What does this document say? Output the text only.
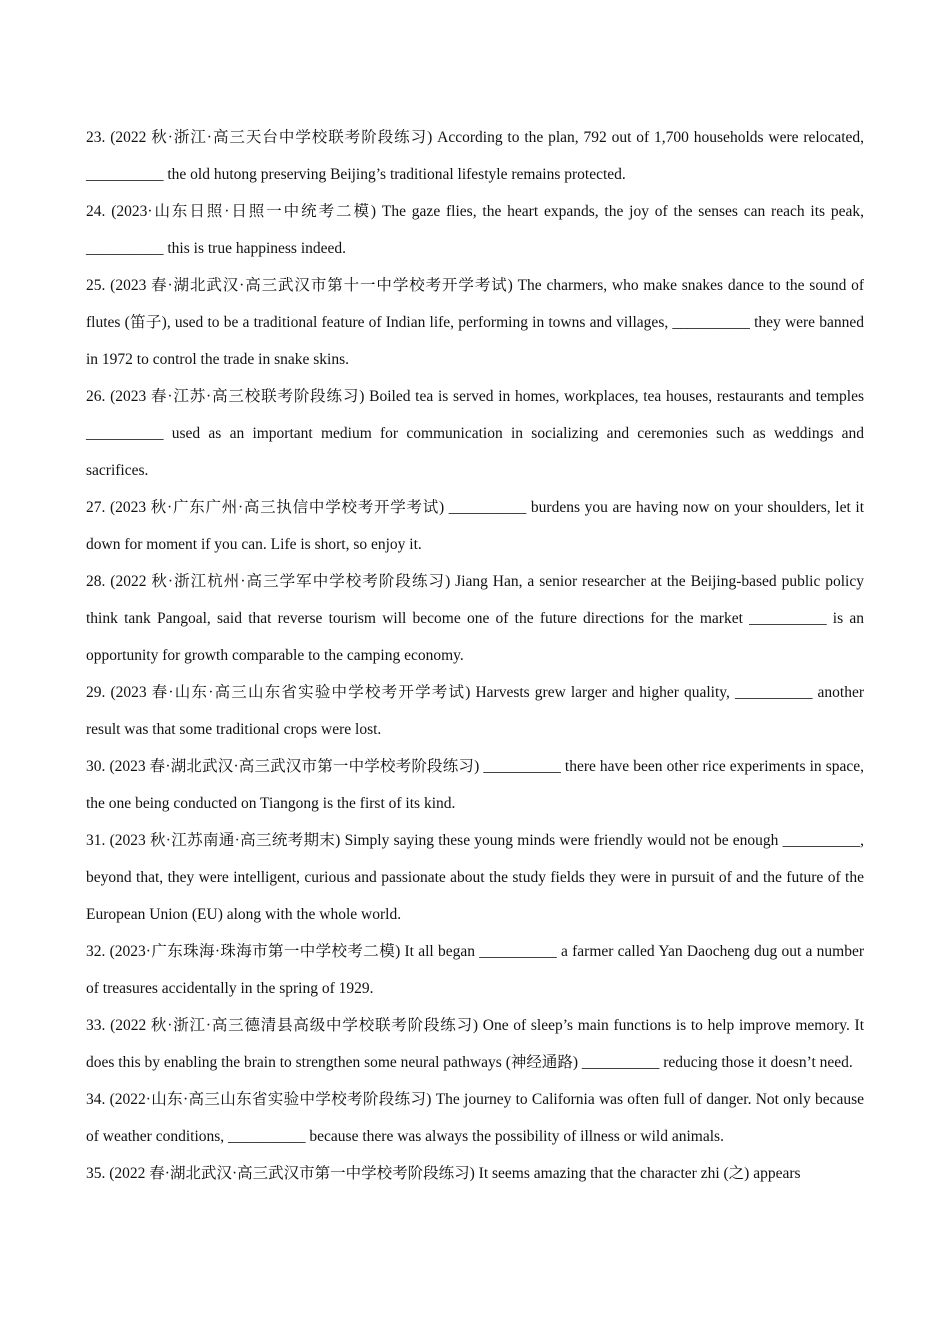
23. (2022 秋·浙江·高三天台中学校联考阶段练习) According to the plan, 792 out of 1,700 households were relocated, __________ the old hutong preserving Beijing’s traditional lifestyle remains protected.

24. (2023·山东日照·日照一中统考二模) The gaze flies, the heart expands, the joy of the senses can reach its peak, __________ this is true happiness indeed.

25. (2023 春·湖北武汉·高三武汉市第十一中学校考开学考试) The charmers, who make snakes dance to the sound of flutes (笛子), used to be a traditional feature of Indian life, performing in towns and villages, __________ they were banned in 1972 to control the trade in snake skins.

26. (2023 春·江苏·高三校联考阶段练习) Boiled tea is served in homes, workplaces, tea houses, restaurants and temples __________ used as an important medium for communication in socializing and ceremonies such as weddings and sacrifices.

27. (2023 秋·广东广州·高三执信中学校考开学考试) __________ burdens you are having now on your shoulders, let it down for moment if you can. Life is short, so enjoy it.

28. (2022 秋·浙江杭州·高三学军中学校考阶段练习) Jiang Han, a senior researcher at the Beijing-based public policy think tank Pangoal, said that reverse tourism will become one of the future directions for the market __________ is an opportunity for growth comparable to the camping economy.

29. (2023 春·山东·高三山东省实验中学校考开学考试) Harvests grew larger and higher quality, __________ another result was that some traditional crops were lost.

30. (2023 春·湖北武汉·高三武汉市第一中学校考阶段练习) __________ there have been other rice experiments in space, the one being conducted on Tiangong is the first of its kind.

31. (2023 秋·江苏南通·高三统考期末) Simply saying these young minds were friendly would not be enough __________, beyond that, they were intelligent, curious and passionate about the study fields they were in pursuit of and the future of the European Union (EU) along with the whole world.

32. (2023·广东珠海·珠海市第一中学校考二模) It all began __________ a farmer called Yan Daocheng dug out a number of treasures accidentally in the spring of 1929.

33. (2022 秋·浙江·高三德清县高级中学校联考阶段练习) One of sleep’s main functions is to help improve memory. It does this by enabling the brain to strengthen some neural pathways (神经通路) __________ reducing those it doesn’t need.

34. (2022·山东·高三山东省实验中学校考阶段练习) The journey to California was often full of danger. Not only because of weather conditions, __________ because there was always the possibility of illness or wild animals.

35. (2022 春·湖北武汉·高三武汉市第一中学校考阶段练习) It seems amazing that the character zhi (之) appears
